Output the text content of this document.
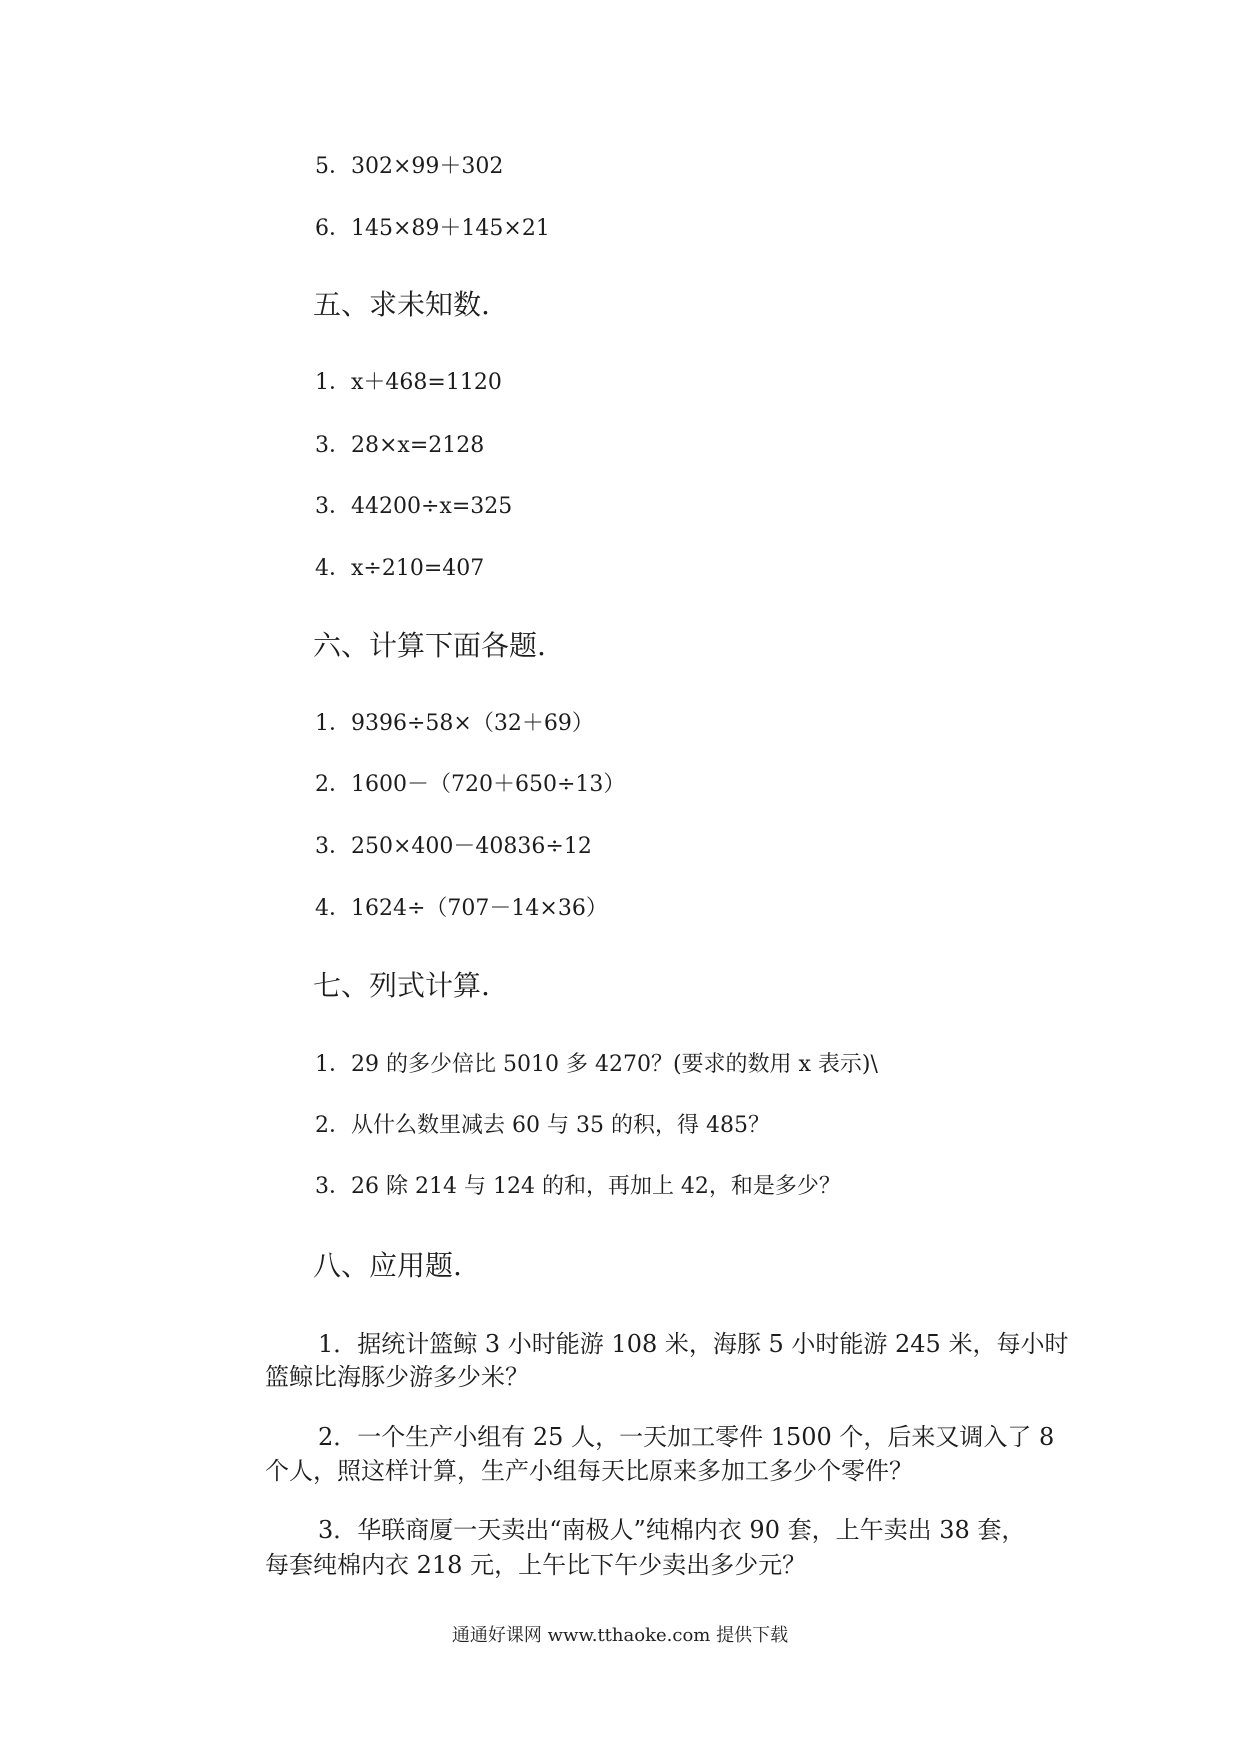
5．302×99＋302

6．145×89＋145×21

五、求未知数.

1．x＋468=1120

3．28×x=2128

3．44200÷x=325

4．x÷210=407

六、计算下面各题.

1．9396÷58×（32＋69）

2．1600－（720＋650÷13）

3．250×400－40836÷12

4．1624÷（707－14×36）

七、列式计算.

1．29 的多少倍比 5010 多 4270？(要求的数用 x 表示)\

2．从什么数里减去 60 与 35 的积，得 485？

3．26 除 214 与 124 的和，再加上 42，和是多少？

八、应用题.

1．据统计篮鲸 3 小时能游 108 米，海豚 5 小时能游 245 米，每小时

篮鲸比海豚少游多少米？

2．一个生产小组有 25 人，一天加工零件 1500 个，后来又调入了 8

个人，照这样计算，生产小组每天比原来多加工多少个零件？

3．华联商厦一天卖出“南极人”纯棉内衣 90 套，上午卖出 38 套，

每套纯棉内衣 218 元，上午比下午少卖出多少元？

通通好课网 www.tthaoke.com 提供下载
